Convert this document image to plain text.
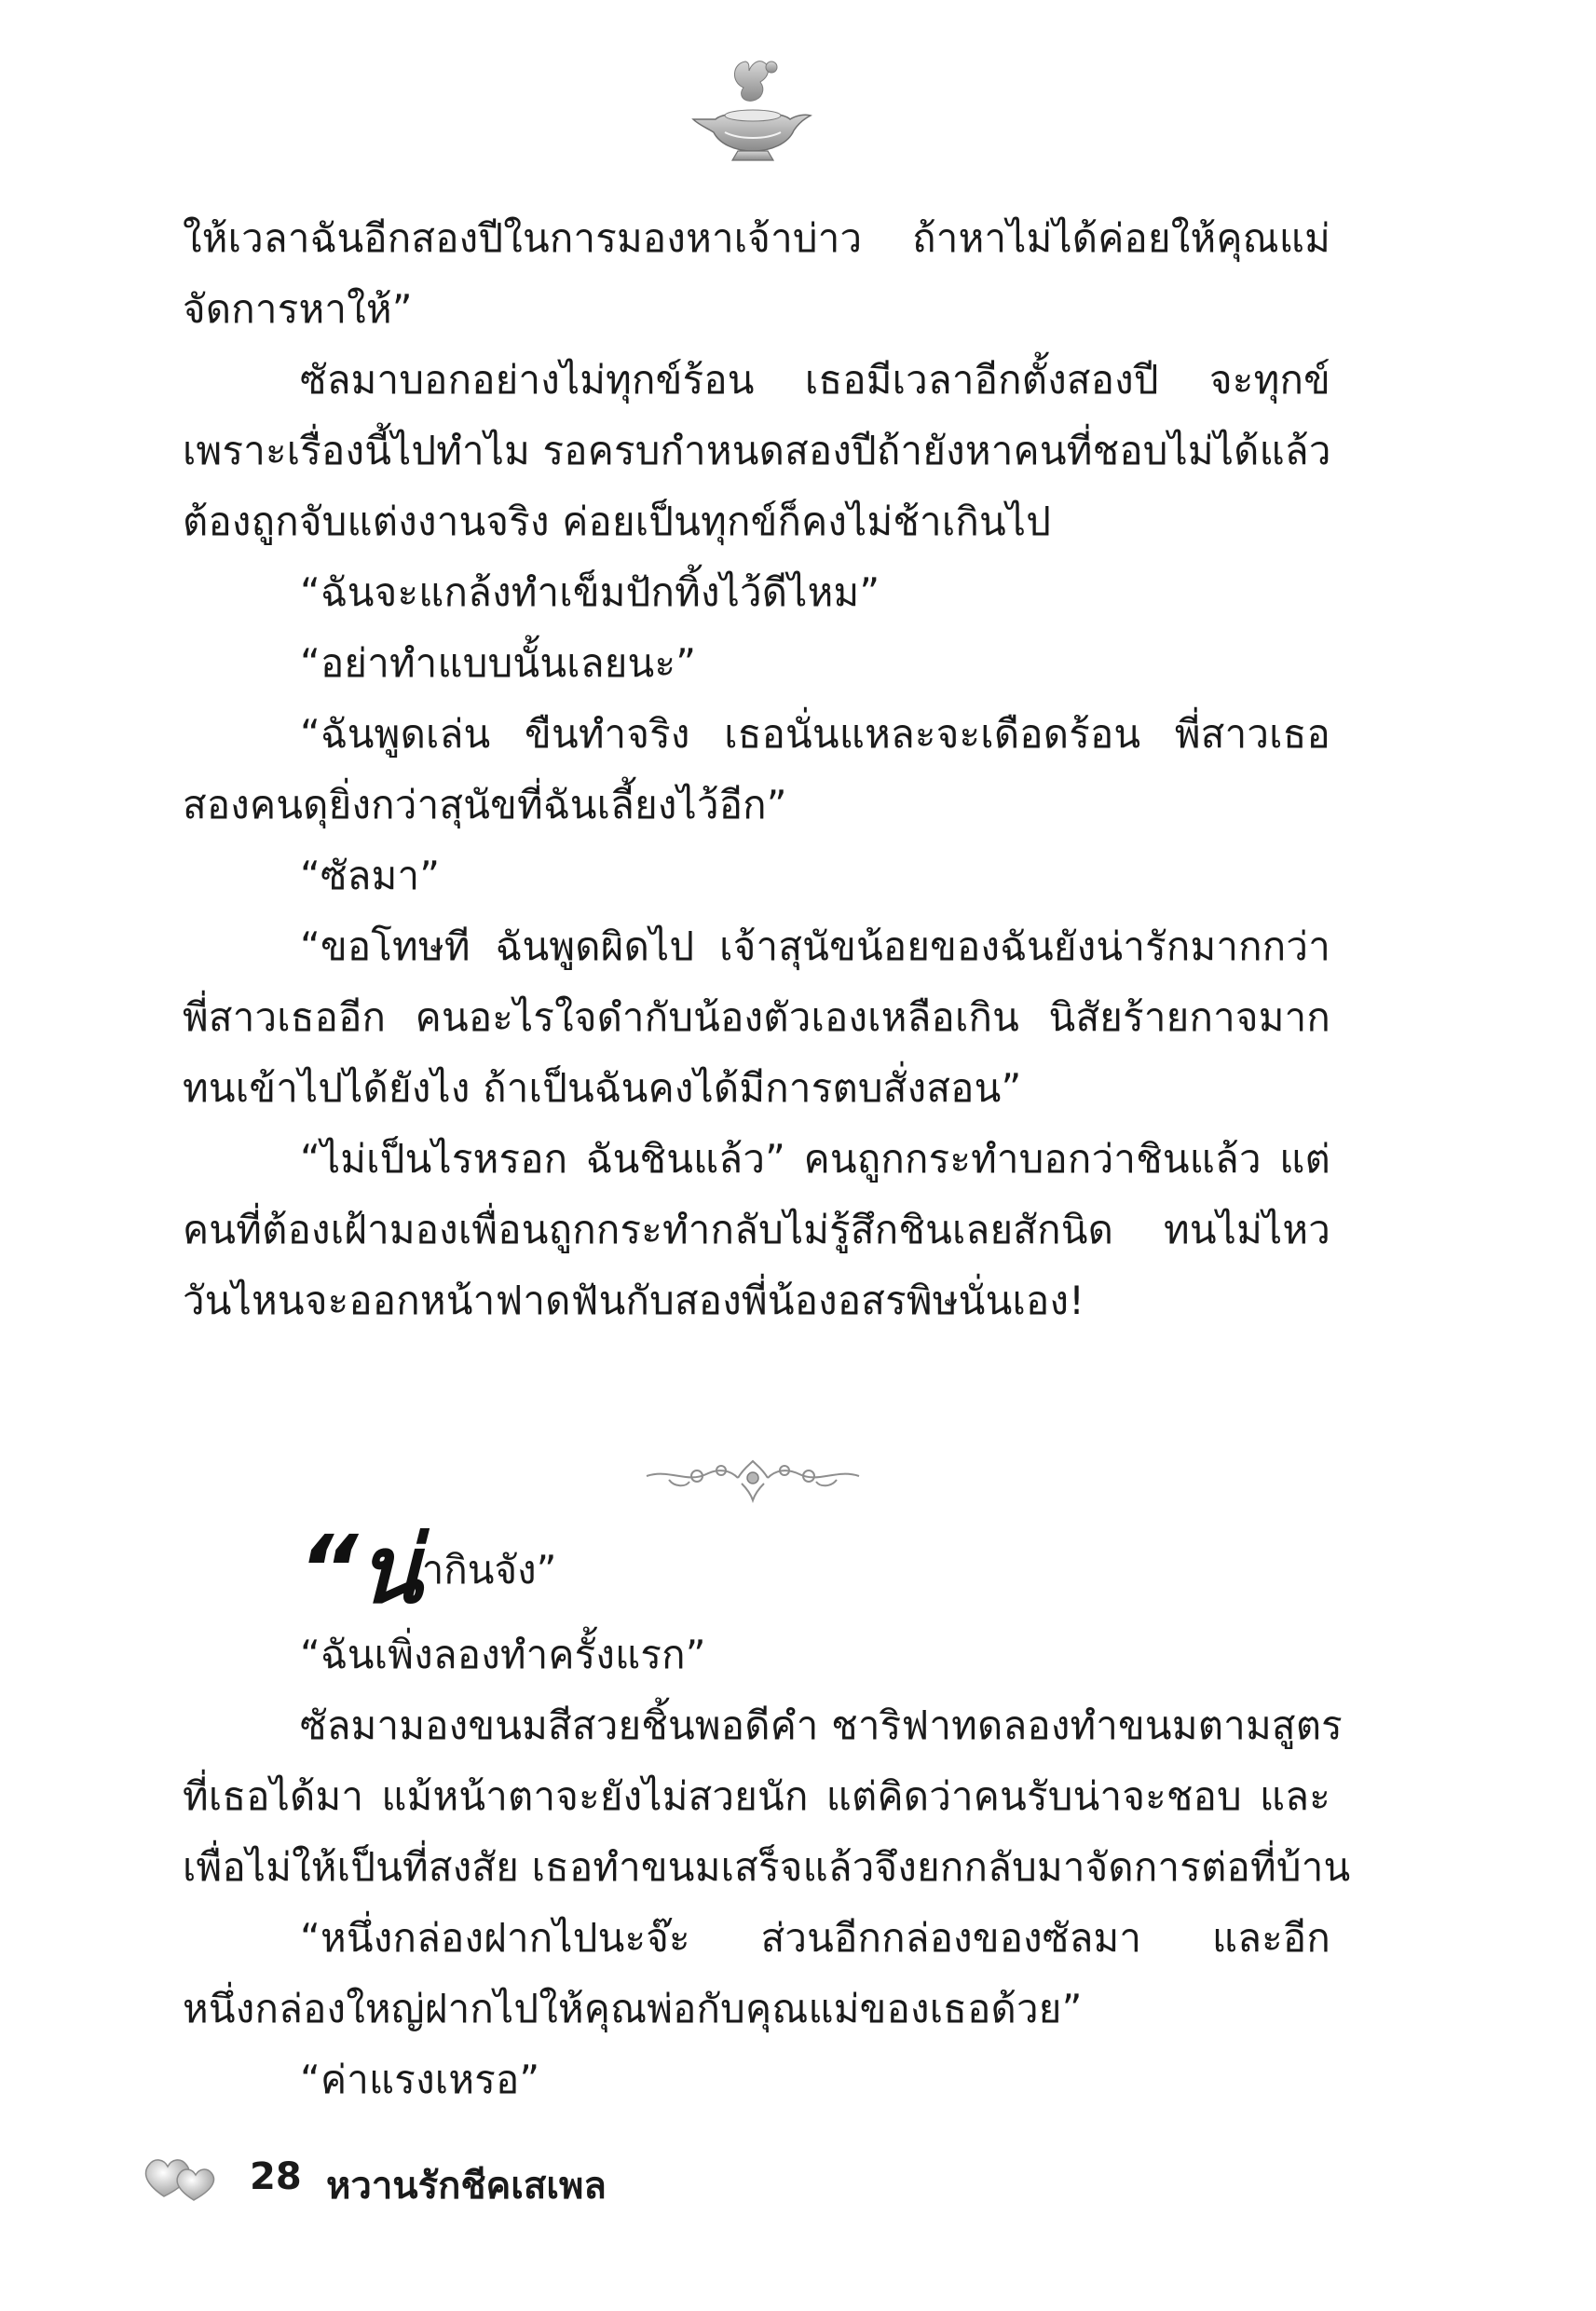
ให้เวลาฉันอีกสองปีในการมองหาเจ้าบ่าว ถ้าหาไม่ได้ค่อยให้คุณแม่
จัดการหาให้”
ซัลมาบอกอย่างไม่ทุกข์ร้อน เธอมีเวลาอีกตั้งสองปี จะทุกข์
เพราะเรื่องนี้ไปทำไม รอครบกำหนดสองปีถ้ายังหาคนที่ชอบไม่ได้แล้ว
ต้องถูกจับแต่งงานจริง ค่อยเป็นทุกข์ก็คงไม่ช้าเกินไป
“ฉันจะแกล้งทำเข็มปักทิ้งไว้ดีไหม”
“อย่าทำแบบนั้นเลยนะ”
“ฉันพูดเล่น ขืนทำจริง เธอนั่นแหละจะเดือดร้อน พี่สาวเธอ
สองคนดุยิ่งกว่าสุนัขที่ฉันเลี้ยงไว้อีก”
“ซัลมา”
“ขอโทษที ฉันพูดผิดไป เจ้าสุนัขน้อยของฉันยังน่ารักมากกว่า
พี่สาวเธออีก คนอะไรใจดำกับน้องตัวเองเหลือเกิน นิสัยร้ายกาจมาก
ทนเข้าไปได้ยังไง ถ้าเป็นฉันคงได้มีการตบสั่งสอน”
“ไม่เป็นไรหรอก ฉันชินแล้ว” คนถูกกระทำบอกว่าชินแล้ว แต่
คนที่ต้องเฝ้ามองเพื่อนถูกกระทำกลับไม่รู้สึกชินเลยสักนิด ทนไม่ไหว
วันไหนจะออกหน้าฟาดฟันกับสองพี่น้องอสรพิษนั่นเอง!
“น่ากินจัง”
“ฉันเพิ่งลองทำครั้งแรก”
ซัลมามองขนมสีสวยชิ้นพอดีคำ ชาริฟาทดลองทำขนมตามสูตร
ที่เธอได้มา แม้หน้าตาจะยังไม่สวยนัก แต่คิดว่าคนรับน่าจะชอบ และ
เพื่อไม่ให้เป็นที่สงสัย เธอทำขนมเสร็จแล้วจึงยกกลับมาจัดการต่อที่บ้าน
“หนึ่งกล่องฝากไปนะจ๊ะ ส่วนอีกกล่องของซัลมา และอีก
หนึ่งกล่องใหญ่ฝากไปให้คุณพ่อกับคุณแม่ของเธอด้วย”
“ค่าแรงเหรอ”
28 หวานรักชีคเสเพล
